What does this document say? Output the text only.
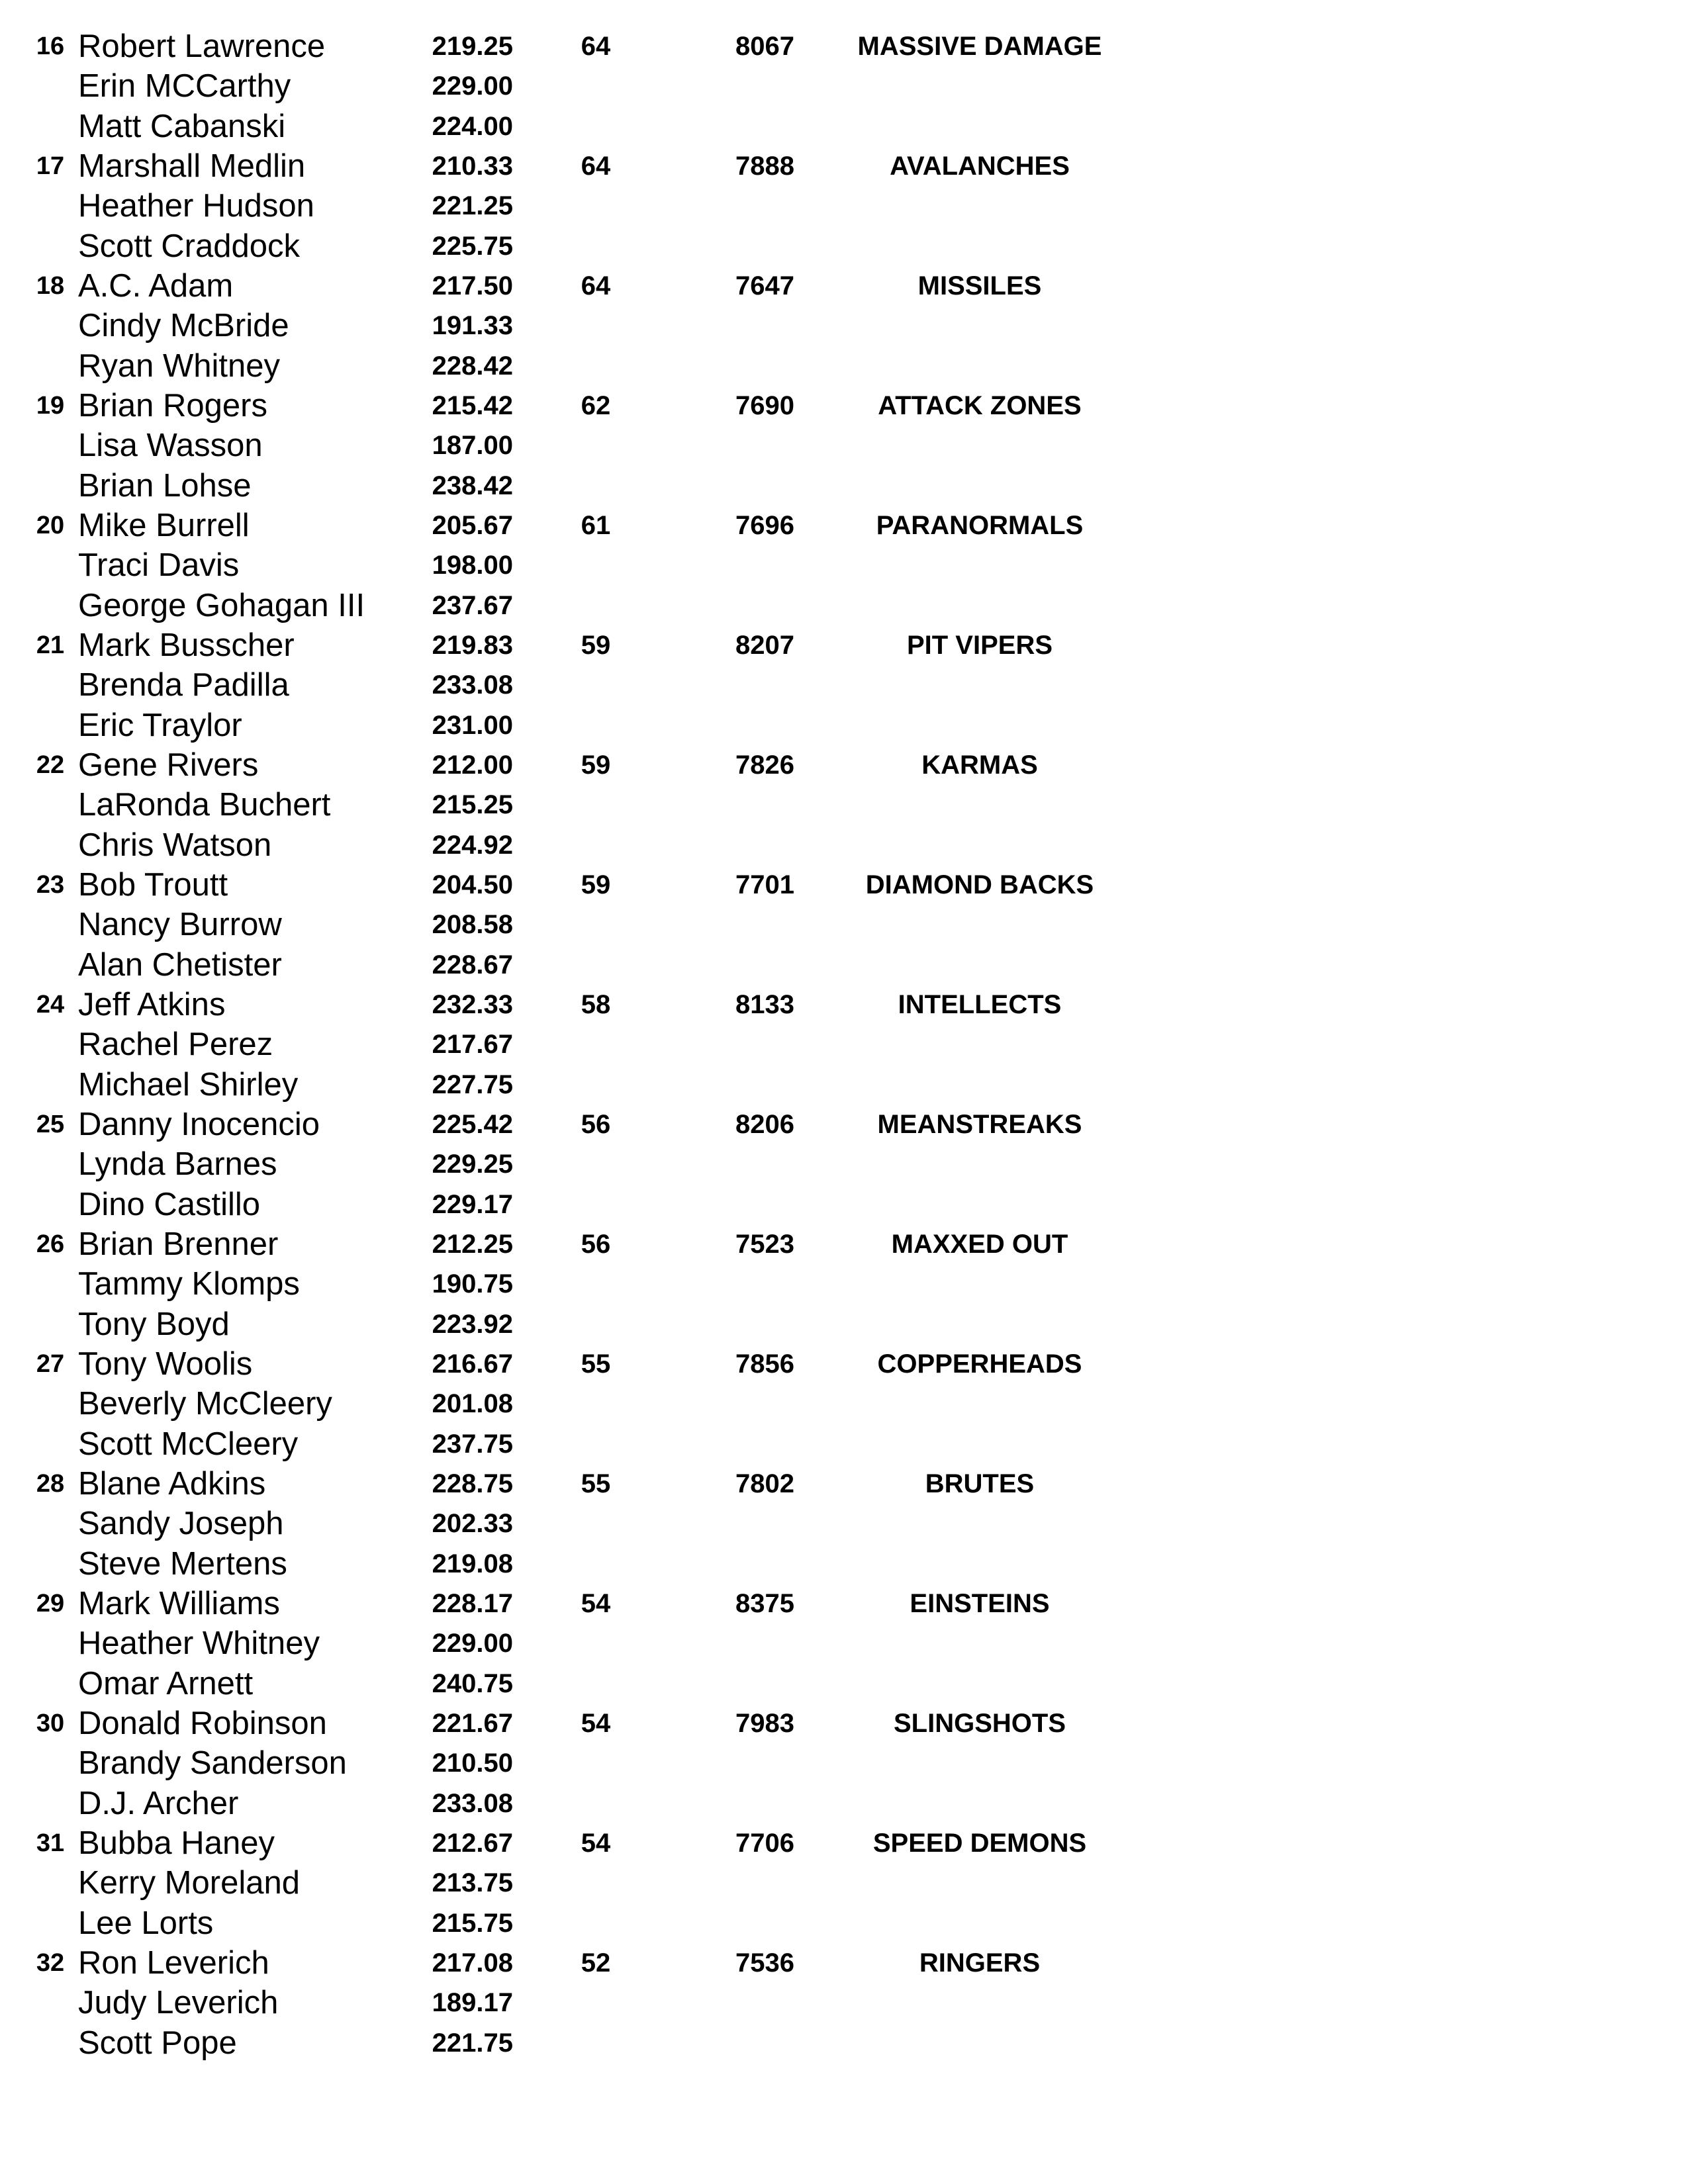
16 Robert Lawrence	219.25	64	8067	MASSIVE DAMAGE
Erin MCCarthy	229.00
Matt Cabanski	224.00
17 Marshall Medlin	210.33	64	7888	AVALANCHES
Heather Hudson	221.25
Scott Craddock	225.75
18 A.C. Adam	217.50	64	7647	MISSILES
Cindy McBride	191.33
Ryan Whitney	228.42
19 Brian Rogers	215.42	62	7690	ATTACK ZONES
Lisa Wasson	187.00
Brian Lohse	238.42
20 Mike Burrell	205.67	61	7696	PARANORMALS
Traci Davis	198.00
George Gohagan III	237.67
21 Mark Busscher	219.83	59	8207	PIT VIPERS
Brenda Padilla	233.08
Eric Traylor	231.00
22 Gene Rivers	212.00	59	7826	KARMAS
LaRonda Buchert	215.25
Chris Watson	224.92
23 Bob Troutt	204.50	59	7701	DIAMOND BACKS
Nancy Burrow	208.58
Alan Chetister	228.67
24 Jeff Atkins	232.33	58	8133	INTELLECTS
Rachel Perez	217.67
Michael Shirley	227.75
25 Danny Inocencio	225.42	56	8206	MEANSTREAKS
Lynda Barnes	229.25
Dino Castillo	229.17
26 Brian Brenner	212.25	56	7523	MAXXED OUT
Tammy Klomps	190.75
Tony Boyd	223.92
27 Tony Woolis	216.67	55	7856	COPPERHEADS
Beverly McCleery	201.08
Scott McCleery	237.75
28 Blane Adkins	228.75	55	7802	BRUTES
Sandy Joseph	202.33
Steve Mertens	219.08
29 Mark Williams	228.17	54	8375	EINSTEINS
Heather Whitney	229.00
Omar Arnett	240.75
30 Donald Robinson	221.67	54	7983	SLINGSHOTS
Brandy Sanderson	210.50
D.J. Archer	233.08
31 Bubba Haney	212.67	54	7706	SPEED DEMONS
Kerry Moreland	213.75
Lee Lorts	215.75
32 Ron Leverich	217.08	52	7536	RINGERS
Judy Leverich	189.17
Scott Pope	221.75
